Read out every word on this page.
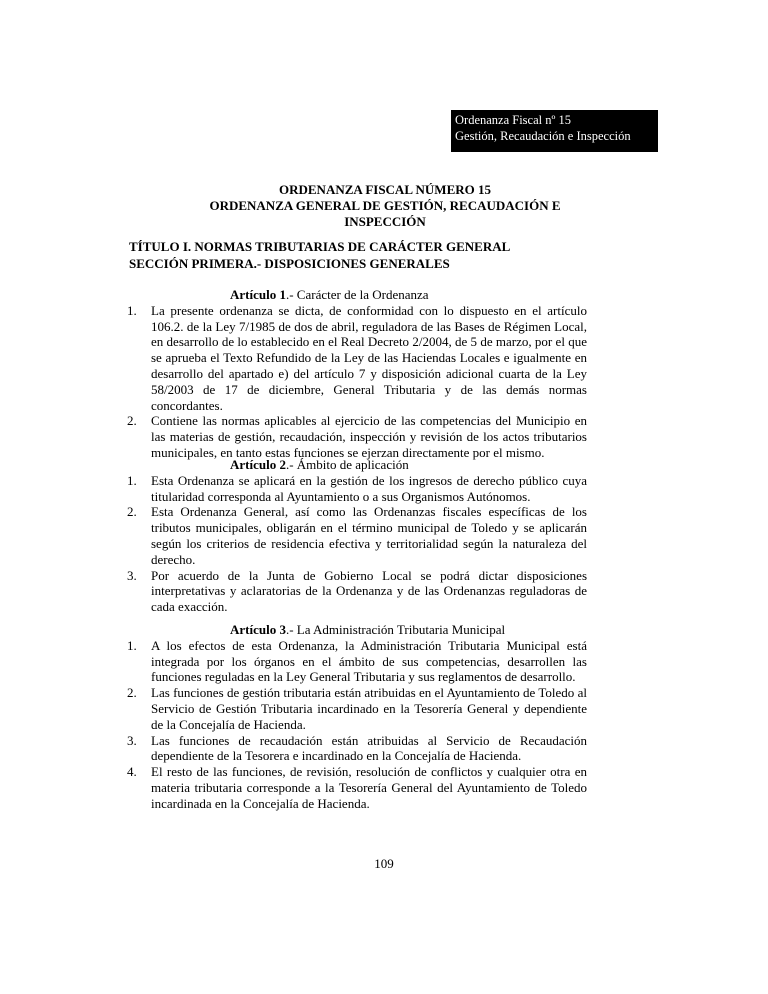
Ordenanza Fiscal nº 15
Gestión, Recaudación e Inspección
ORDENANZA FISCAL NÚMERO 15
ORDENANZA GENERAL DE GESTIÓN, RECAUDACIÓN E
INSPECCIÓN
TÍTULO I. NORMAS TRIBUTARIAS DE CARÁCTER GENERAL
SECCIÓN PRIMERA.- DISPOSICIONES GENERALES
Artículo 1.- Carácter de la Ordenanza
1. La presente ordenanza se dicta, de conformidad con lo dispuesto en el artículo 106.2. de la Ley 7/1985 de dos de abril, reguladora de las Bases de Régimen Local, en desarrollo de lo establecido en el Real Decreto 2/2004, de 5 de marzo, por el que se aprueba el Texto Refundido de la Ley de las Haciendas Locales e igualmente en desarrollo del apartado e) del artículo 7 y disposición adicional cuarta de la Ley 58/2003 de 17 de diciembre, General Tributaria y de las demás normas concordantes.
2. Contiene las normas aplicables al ejercicio de las competencias del Municipio en las materias de gestión, recaudación, inspección y revisión de los actos tributarios municipales, en tanto estas funciones se ejerzan directamente por el mismo.
Artículo 2.- Ámbito de aplicación
1. Esta Ordenanza se aplicará en la gestión de los ingresos de derecho público cuya titularidad corresponda al Ayuntamiento o a sus Organismos Autónomos.
2. Esta Ordenanza General, así como las Ordenanzas fiscales específicas de los tributos municipales, obligarán en el término municipal de Toledo y se aplicarán según los criterios de residencia efectiva y territorialidad según la naturaleza del derecho.
3. Por acuerdo de la Junta de Gobierno Local se podrá dictar disposiciones interpretativas y aclaratorias de la Ordenanza y de las Ordenanzas reguladoras de cada exacción.
Artículo 3.- La Administración Tributaria Municipal
1. A los efectos de esta Ordenanza, la Administración Tributaria Municipal está integrada por los órganos en el ámbito de sus competencias, desarrollen las funciones reguladas en la Ley General Tributaria y sus reglamentos de desarrollo.
2. Las funciones de gestión tributaria están atribuidas en el Ayuntamiento de Toledo al Servicio de Gestión Tributaria incardinado en la Tesorería General y dependiente de la Concejalía de Hacienda.
3. Las funciones de recaudación están atribuidas al Servicio de Recaudación dependiente de la Tesorera e incardinado en la Concejalía de Hacienda.
4. El resto de las funciones, de revisión, resolución de conflictos y cualquier otra en materia tributaria corresponde a la Tesorería General del Ayuntamiento de Toledo incardinada en la Concejalía de Hacienda.
109
